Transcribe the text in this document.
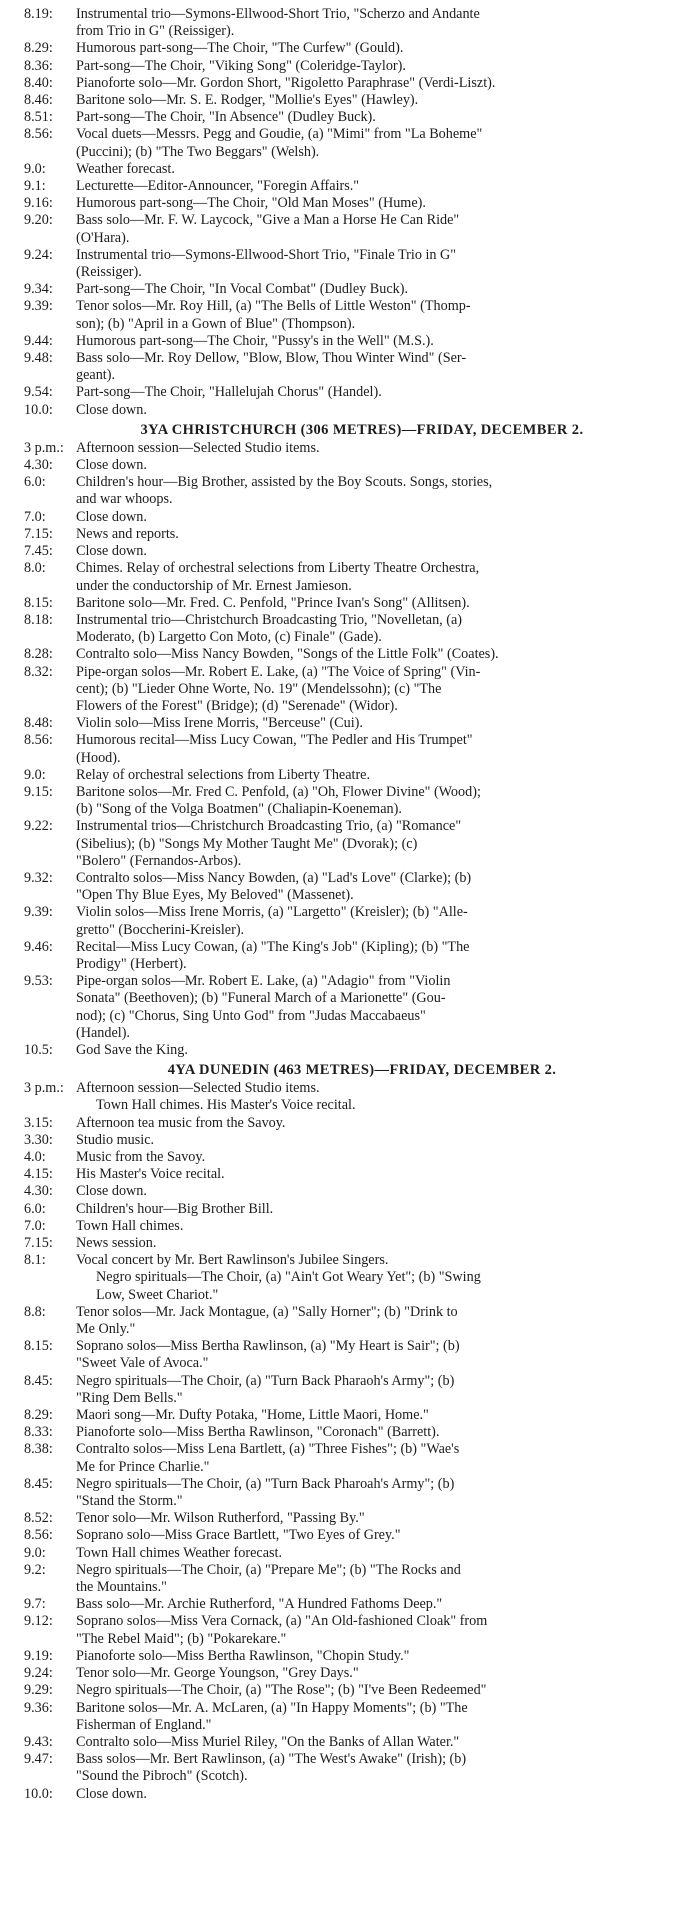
8.19:	Instrumental trio—Symons-Ellwood-Short Trio, "Scherzo and Andante
from Trio in G" (Reissiger).
8.29:	Humorous part-song—The Choir, "The Curfew" (Gould).
8.36:	Part-song—The Choir, "Viking Song" (Coleridge-Taylor).
8.40:	Pianoforte solo—Mr. Gordon Short, "Rigoletto Paraphrase" (Verdi-Liszt).
8.46:	Baritone solo—Mr. S. E. Rodger, "Mollie's Eyes" (Hawley).
8.51:	Part-song—The Choir, "In Absence" (Dudley Buck).
8.56:	Vocal duets—Messrs. Pegg and Goudie, (a) "Mimi" from "La Boheme"
(Puccini); (b) "The Two Beggars" (Welsh).
9.0:	Weather forecast.
9.1:	Lecturette—Editor-Announcer, "Foregin Affairs."
9.16:	Humorous part-song—The Choir, "Old Man Moses" (Hume).
9.20:	Bass solo—Mr. F. W. Laycock, "Give a Man a Horse He Can Ride"
(O'Hara).
9.24:	Instrumental trio—Symons-Ellwood-Short Trio, "Finale Trio in G"
(Reissiger).
9.34:	Part-song—The Choir, "In Vocal Combat" (Dudley Buck).
9.39:	Tenor solos—Mr. Roy Hill, (a) "The Bells of Little Weston" (Thomp-
son); (b) "April in a Gown of Blue" (Thompson).
9.44:	Humorous part-song—The Choir, "Pussy's in the Well" (M.S.).
9.48:	Bass solo—Mr. Roy Dellow, "Blow, Blow, Thou Winter Wind" (Ser-
geant).
9.54:	Part-song—The Choir, "Hallelujah Chorus" (Handel).
10.0:	Close down.
3YA CHRISTCHURCH (306 METRES)—FRIDAY, DECEMBER 2.
3 p.m.: Afternoon session—Selected Studio items.
4.30:	Close down.
6.0:	Children's hour—Big Brother, assisted by the Boy Scouts. Songs, stories,
and war whoops.
7.0:	Close down.
7.15:	News and reports.
7.45:	Close down.
8.0:	Chimes. Relay of orchestral selections from Liberty Theatre Orchestra,
under the conductorship of Mr. Ernest Jamieson.
8.15:	Baritone solo—Mr. Fred. C. Penfold, "Prince Ivan's Song" (Allitsen).
8.18:	Instrumental trio—Christchurch Broadcasting Trio, "Novelletan, (a)
Moderato, (b) Largetto Con Moto, (c) Finale" (Gade).
8.28:	Contralto solo—Miss Nancy Bowden, "Songs of the Little Folk" (Coates).
8.32:	Pipe-organ solos—Mr. Robert E. Lake, (a) "The Voice of Spring" (Vin-
cent); (b) "Lieder Ohne Worte, No. 19" (Mendelssohn); (c) "The
Flowers of the Forest" (Bridge); (d) "Serenade" (Widor).
8.48:	Violin solo—Miss Irene Morris, "Berceuse" (Cui).
8.56:	Humorous recital—Miss Lucy Cowan, "The Pedler and His Trumpet"
(Hood).
9.0:	Relay of orchestral selections from Liberty Theatre.
9.15:	Baritone solos—Mr. Fred C. Penfold, (a) "Oh, Flower Divine" (Wood);
(b) "Song of the Volga Boatmen" (Chaliapin-Koeneman).
9.22:	Instrumental trios—Christchurch Broadcasting Trio, (a) "Romance"
(Sibelius); (b) "Songs My Mother Taught Me" (Dvorak); (c)
"Bolero" (Fernandos-Arbos).
9.32:	Contralto solos—Miss Nancy Bowden, (a) "Lad's Love" (Clarke); (b)
"Open Thy Blue Eyes, My Beloved" (Massenet).
9.39:	Violin solos—Miss Irene Morris, (a) "Largetto" (Kreisler); (b) "Alle-
gretto" (Boccherini-Kreisler).
9.46:	Recital—Miss Lucy Cowan, (a) "The King's Job" (Kipling); (b) "The
Prodigy" (Herbert).
9.53:	Pipe-organ solos—Mr. Robert E. Lake, (a) "Adagio" from "Violin
Sonata" (Beethoven); (b) "Funeral March of a Marionette" (Gou-
nod); (c) "Chorus, Sing Unto God" from "Judas Maccabaeus"
(Handel).
10.5:	God Save the King.
4YA DUNEDIN (463 METRES)—FRIDAY, DECEMBER 2.
3 p.m.: Afternoon session—Selected Studio items.
Town Hall chimes. His Master's Voice recital.
3.15:	Afternoon tea music from the Savoy.
3.30:	Studio music.
4.0:	Music from the Savoy.
4.15:	His Master's Voice recital.
4.30:	Close down.
6.0:	Children's hour—Big Brother Bill.
7.0:	Town Hall chimes.
7.15:	News session.
8.1:	Vocal concert by Mr. Bert Rawlinson's Jubilee Singers.
Negro spirituals—The Choir, (a) "Ain't Got Weary Yet"; (b) "Swing
Low, Sweet Chariot."
8.8:	Tenor solos—Mr. Jack Montague, (a) "Sally Horner"; (b) "Drink to
Me Only."
8.15:	Soprano solos—Miss Bertha Rawlinson, (a) "My Heart is Sair"; (b)
"Sweet Vale of Avoca."
8.45:	Negro spirituals—The Choir, (a) "Turn Back Pharaoh's Army"; (b)
"Ring Dem Bells."
8.29:	Maori song—Mr. Dufty Potaka, "Home, Little Maori, Home."
8.33:	Pianoforte solo—Miss Bertha Rawlinson, "Coronach" (Barrett).
8.38:	Contralto solos—Miss Lena Bartlett, (a) "Three Fishes"; (b) "Wae's
Me for Prince Charlie."
8.45:	Negro spirituals—The Choir, (a) "Turn Back Pharoah's Army"; (b)
"Stand the Storm."
8.52:	Tenor solo—Mr. Wilson Rutherford, "Passing By."
8.56:	Soprano solo—Miss Grace Bartlett, "Two Eyes of Grey."
9.0:	Town Hall chimes Weather forecast.
9.2:	Negro spirituals—The Choir, (a) "Prepare Me"; (b) "The Rocks and
the Mountains."
9.7:	Bass solo—Mr. Archie Rutherford, "A Hundred Fathoms Deep."
9.12:	Soprano solos—Miss Vera Cornack, (a) "An Old-fashioned Cloak" from
"The Rebel Maid"; (b) "Pokarekare."
9.19:	Pianoforte solo—Miss Bertha Rawlinson, "Chopin Study."
9.24:	Tenor solo—Mr. George Youngson, "Grey Days."
9.29:	Negro spirituals—The Choir, (a) "The Rose"; (b) "I've Been Redeemed"
9.36:	Baritone solos—Mr. A. McLaren, (a) "In Happy Moments"; (b) "The
Fisherman of England."
9.43:	Contralto solo—Miss Muriel Riley, "On the Banks of Allan Water."
9.47:	Bass solos—Mr. Bert Rawlinson, (a) "The West's Awake" (Irish); (b)
"Sound the Pibroch" (Scotch).
10.0:	Close down.
